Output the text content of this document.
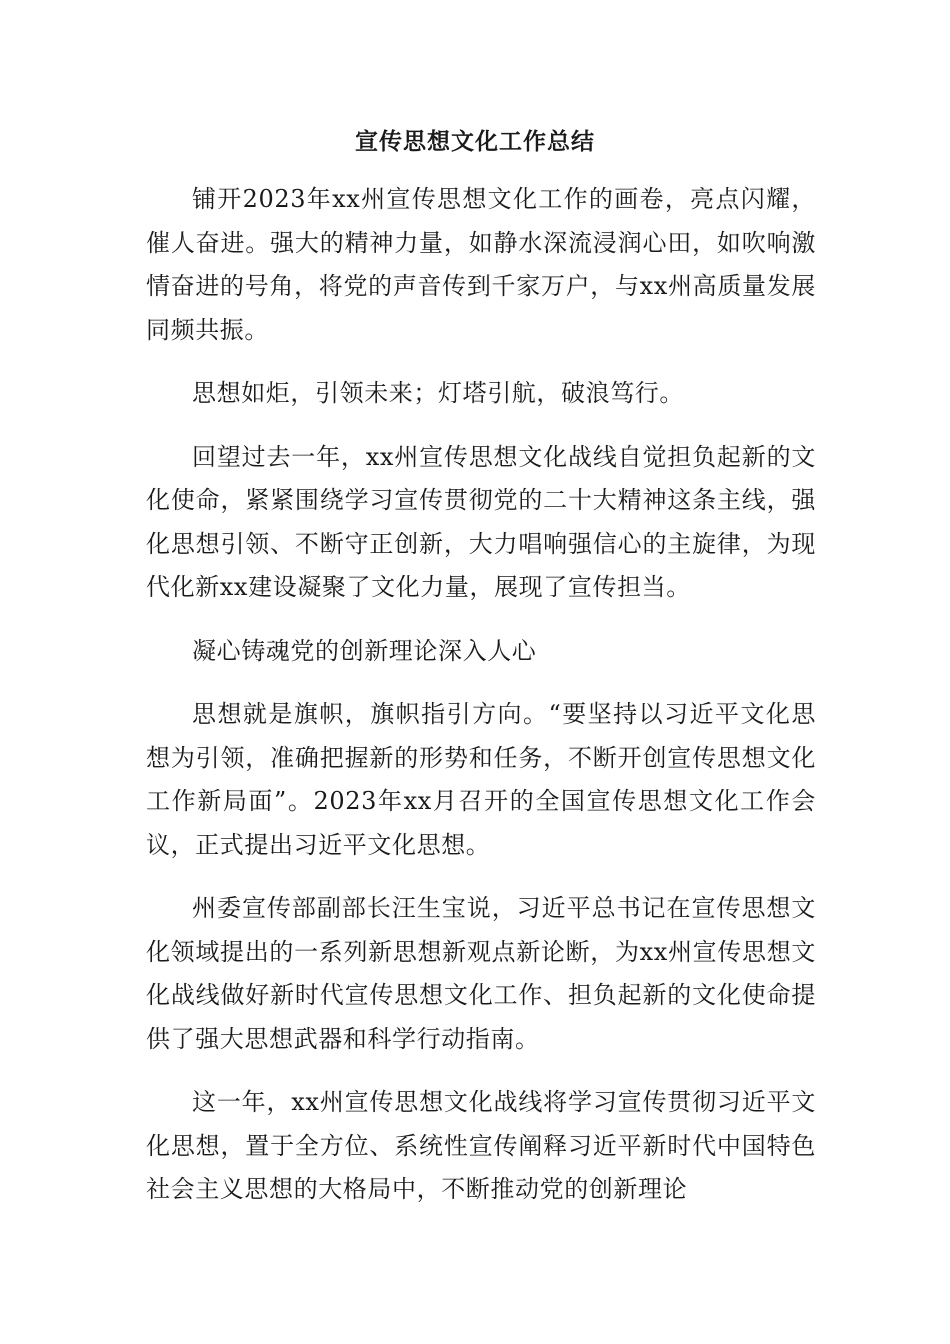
宣传思想文化工作总结

铺开2023年xx州宣传思想文化工作的画卷，亮点闪耀，催人奋进。强大的精神力量，如静水深流浸润心田，如吹响激情奋进的号角，将党的声音传到千家万户，与xx州高质量发展同频共振。

思想如炬，引领未来；灯塔引航，破浪笃行。

回望过去一年，xx州宣传思想文化战线自觉担负起新的文化使命，紧紧围绕学习宣传贯彻党的二十大精神这条主线，强化思想引领、不断守正创新，大力唱响强信心的主旋律，为现代化新xx建设凝聚了文化力量，展现了宣传担当。

凝心铸魂党的创新理论深入人心

思想就是旗帜，旗帜指引方向。“要坚持以习近平文化思想为引领，准确把握新的形势和任务，不断开创宣传思想文化工作新局面”。2023年xx月召开的全国宣传思想文化工作会议，正式提出习近平文化思想。

州委宣传部副部长汪生宝说，习近平总书记在宣传思想文化领域提出的一系列新思想新观点新论断，为xx州宣传思想文化战线做好新时代宣传思想文化工作、担负起新的文化使命提供了强大思想武器和科学行动指南。

这一年，xx州宣传思想文化战线将学习宣传贯彻习近平文化思想，置于全方位、系统性宣传阐释习近平新时代中国特色社会主义思想的大格局中，不断推动党的创新理论
